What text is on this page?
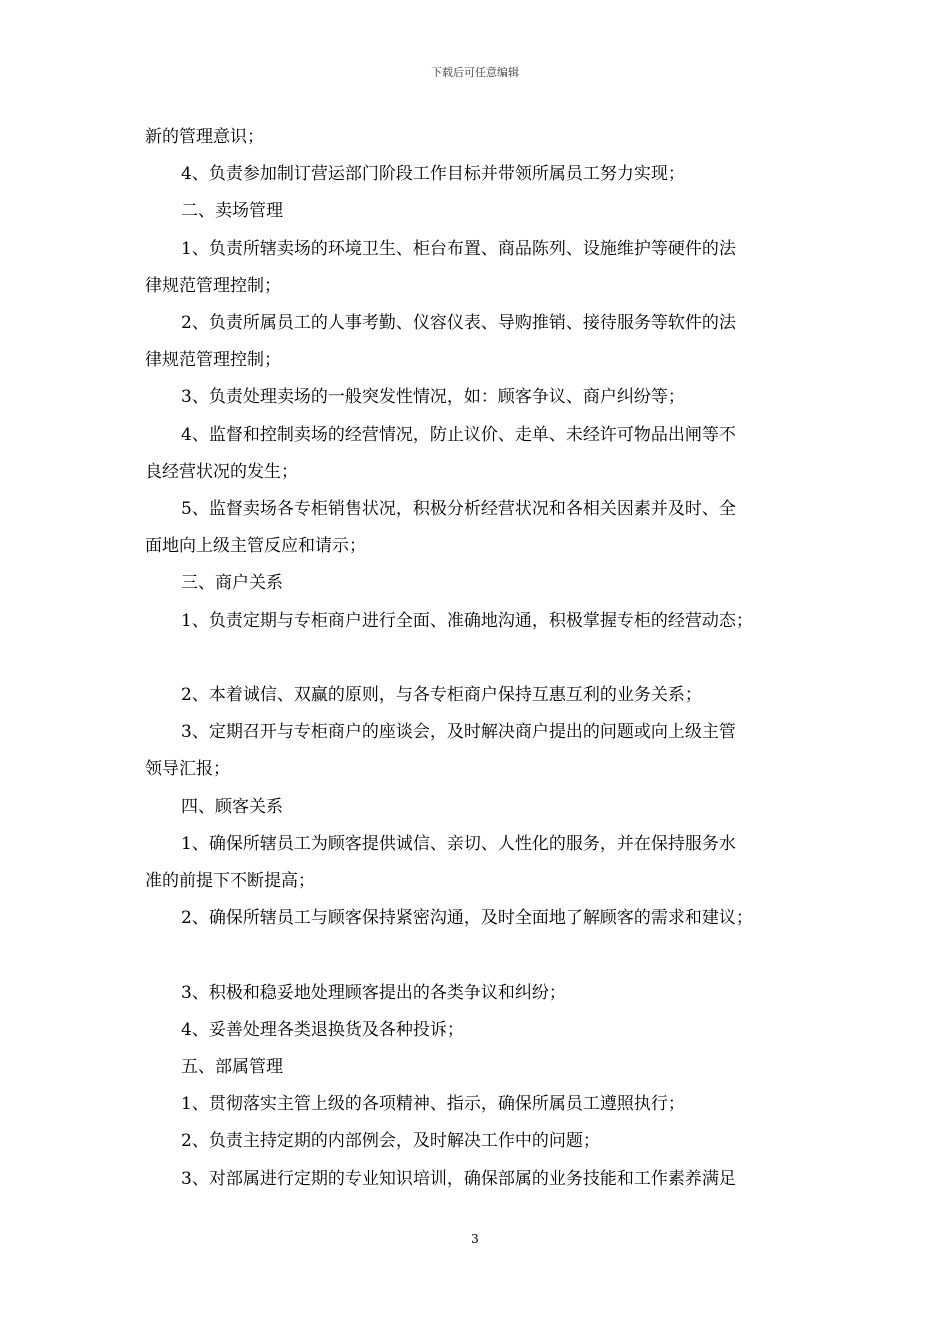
下载后可任意编辑

新的管理意识；

4、负责参加制订营运部门阶段工作目标并带领所属员工努力实现；

二、卖场管理

1、负责所辖卖场的环境卫生、柜台布置、商品陈列、设施维护等硬件的法

律规范管理控制；

2、负责所属员工的人事考勤、仪容仪表、导购推销、接待服务等软件的法

律规范管理控制；

3、负责处理卖场的一般突发性情况，如：顾客争议、商户纠纷等；

4、监督和控制卖场的经营情况，防止议价、走单、未经许可物品出闸等不

良经营状况的发生；

5、监督卖场各专柜销售状况，积极分析经营状况和各相关因素并及时、全

面地向上级主管反应和请示；

三、商户关系

1、负责定期与专柜商户进行全面、准确地沟通，积极掌握专柜的经营动态；

2、本着诚信、双赢的原则，与各专柜商户保持互惠互利的业务关系；

3、定期召开与专柜商户的座谈会，及时解决商户提出的问题或向上级主管

领导汇报；

四、顾客关系

1、确保所辖员工为顾客提供诚信、亲切、人性化的服务，并在保持服务水

准的前提下不断提高；

2、确保所辖员工与顾客保持紧密沟通，及时全面地了解顾客的需求和建议；

3、积极和稳妥地处理顾客提出的各类争议和纠纷；

4、妥善处理各类退换货及各种投诉；

五、部属管理

1、贯彻落实主管上级的各项精神、指示，确保所属员工遵照执行；

2、负责主持定期的内部例会，及时解决工作中的问题；

3、对部属进行定期的专业知识培训，确保部属的业务技能和工作素养满足

3
